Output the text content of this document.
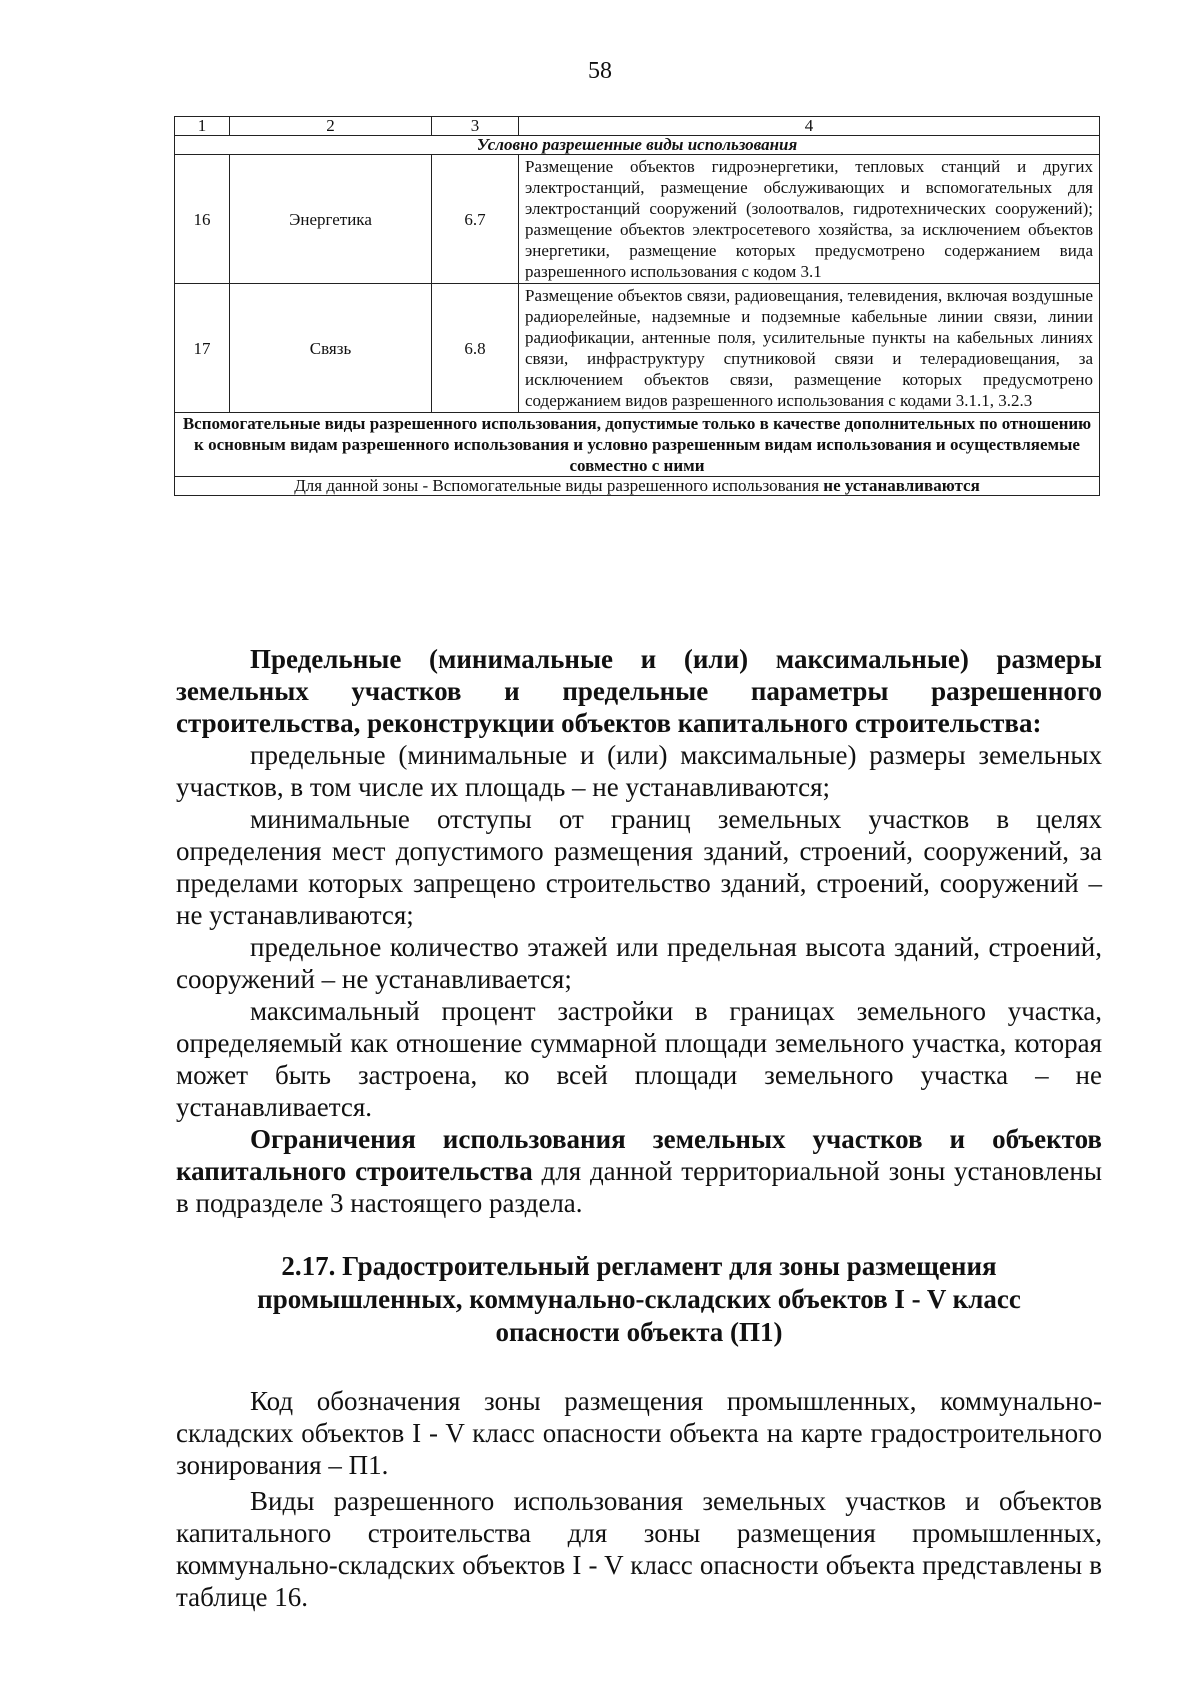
58
1	2	3	4
Условно разрешенные виды использования			
16	Энергетика	6.7	Размещение объектов гидроэнергетики, тепловых станций и других электростанций, размещение обслуживающих и вспомогательных для электростанций сооружений (золоотвалов, гидротехнических сооружений); размещение объектов электросетевого хозяйства, за исключением объектов энергетики, размещение которых предусмотрено содержанием вида разрешенного использования с кодом 3.1
17	Связь	6.8	Размещение объектов связи, радиовещания, телевидения, включая воздушные радиорелейные, надземные и подземные кабельные линии связи, линии радиофикации, антенные поля, усилительные пункты на кабельных линиях связи, инфраструктуру спутниковой связи и телерадиовещания, за исключением объектов связи, размещение которых предусмотрено содержанием видов разрешенного использования с кодами 3.1.1, 3.2.3
Вспомогательные виды разрешенного использования, допустимые только в качестве дополнительных по отношению к основным видам разрешенного использования и условно разрешенным видам использования и осуществляемые совместно с ними			
Для данной зоны - Вспомогательные виды разрешенного использования не устанавливаются			

Предельные (минимальные и (или) максимальные) размеры земельных участков и предельные параметры разрешенного строительства, реконструкции объектов капитального строительства:

предельные (минимальные и (или) максимальные) размеры земельных участков, в том числе их площадь – не устанавливаются;

минимальные отступы от границ земельных участков в целях определения мест допустимого размещения зданий, строений, сооружений, за пределами которых запрещено строительство зданий, строений, сооружений – не устанавливаются;

предельное количество этажей или предельная высота зданий, строений, сооружений – не устанавливается;

максимальный процент застройки в границах земельного участка, определяемый как отношение суммарной площади земельного участка, которая может быть застроена, ко всей площади земельного участка – не устанавливается.

Ограничения использования земельных участков и объектов капитального строительства для данной территориальной зоны установлены в подразделе 3 настоящего раздела.

2.17. Градостроительный регламент для зоны размещения
промышленных, коммунально-складских объектов I - V класс
опасности объекта (П1)

Код обозначения зоны размещения промышленных, коммунально-складских объектов I - V класс опасности объекта на карте градостроительного зонирования – П1.

Виды разрешенного использования земельных участков и объектов капитального строительства для зоны размещения промышленных, коммунально-складских объектов I - V класс опасности объекта представлены в таблице 16.
